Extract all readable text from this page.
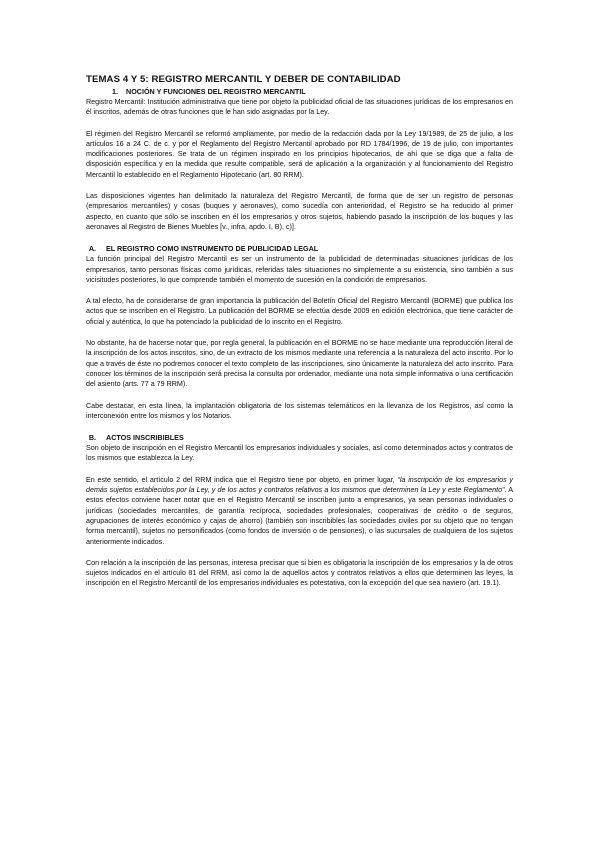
TEMAS 4 Y 5: REGISTRO MERCANTIL Y DEBER DE CONTABILIDAD
1. NOCIÓN Y FUNCIONES DEL REGISTRO MERCANTIL

Registro Mercantil: Institución administrativa que tiene por objeto la publicidad oficial de las situaciones jurídicas de los empresarios en él inscritos, además de otras funciones que le han sido asignadas por la Ley.

El régimen del Registro Mercantil se reformó ampliamente, por medio de la redacción dada por la Ley 19/1989, de 25 de julio, a los artículos 16 a 24 C. de c. y por el Reglamento del Registro Mercantil aprobado por RD 1784/1996, de 19 de julio, con importantes modificaciones posteriores. Se trata de un régimen inspirado en los principios hipotecarios, de ahí que se diga que a falta de disposición específica y en la medida que resulte compatible, será de aplicación a la organización y al funcionamiento del Registro Mercantil lo establecido en el Reglamento Hipotecario (art. 80 RRM).

Las disposiciones vigentes han delimitado la naturaleza del Registro Mercantil, de forma que de ser un registro de personas (empresarios mercantiles) y cosas (buques y aeronaves), como sucedía con anterioridad, el Registro se ha reducido al primer aspecto, en cuanto que sólo se inscriben en él los empresarios y otros sujetos, habiendo pasado la inscripción de los buques y las aeronaves al Registro de Bienes Muebles [v., infra, apdo. I, B), c)].

A. EL REGISTRO COMO INSTRUMENTO DE PUBLICIDAD LEGAL

La función principal del Registro Mercantil es ser un instrumento de la publicidad de determinadas situaciones jurídicas de los empresarios, tanto personas físicas como jurídicas, referidas tales situaciones no simplemente a su existencia, sino también a sus vicisitudes posteriores, lo que comprende también el momento de sucesión en la condición de empresarios.

A tal efecto, ha de considerarse de gran importancia la publicación del Boletín Oficial del Registro Mercantil (BORME) que publica los actos que se inscriben en el Registro. La publicación del BORME se efectúa desde 2009 en edición electrónica, que tiene carácter de oficial y auténtica, lo que ha potenciado la publicidad de lo inscrito en el Registro.

No obstante, ha de hacerse notar que, por regla general, la publicación en el BORME no se hace mediante una reproducción literal de la inscripción de los actos inscritos, sino, de un extracto de los mismos mediante una referencia a la naturaleza del acto inscrito. Por lo que a través de éste no podremos conocer el texto completo de las inscripciones, sino únicamente la naturaleza del acto inscrito. Para conocer los términos de la inscripción será precisa la consulta por ordenador, mediante una nota simple informativa o una certificación del asiento (arts. 77 a 79 RRM).

Cabe destacar, en esta línea, la implantación obligatoria de los sistemas telemáticos en la llevanza de los Registros, así como la interconexión entre los mismos y los Notarios.

B. ACTOS INSCRIBIBLES

Son objeto de inscripción en el Registro Mercantil los empresarios individuales y sociales, así como determinados actos y contratos de los mismos que establezca la Ley.

En este sentido, el artículo 2 del RRM indica que el Registro tiene por objeto, en primer lugar, “la inscripción de los empresarios y demás sujetos establecidos por la Ley, y de los actos y contratos relativos a los mismos que determinen la Ley y este Reglamento”. A estos efectos conviene hacer notar que en el Registro Mercantil se inscriben junto a empresarios, ya sean personas individuales o jurídicas (sociedades mercantiles, de garantía recíproca, sociedades profesionales, cooperativas de crédito o de seguros, agrupaciones de interés económico y cajas de ahorro) (también son inscribibles las sociedades civiles por su objeto que no tengan forma mercantil), sujetos no personificados (como fondos de inversión o de pensiones), o las sucursales de cualquiera de los sujetos anteriormente indicados.

Con relación a la inscripción de las personas, interesa precisar que si bien es obligatoria la inscripción de los empresarios y la de otros sujetos indicados en el artículo 81 del RRM, así como la de aquellos actos y contratos relativos a ellos que determinen las leyes, la inscripción en el Registro Mercantil de los empresarios individuales es potestativa, con la excepción del que sea naviero (art. 19.1).
